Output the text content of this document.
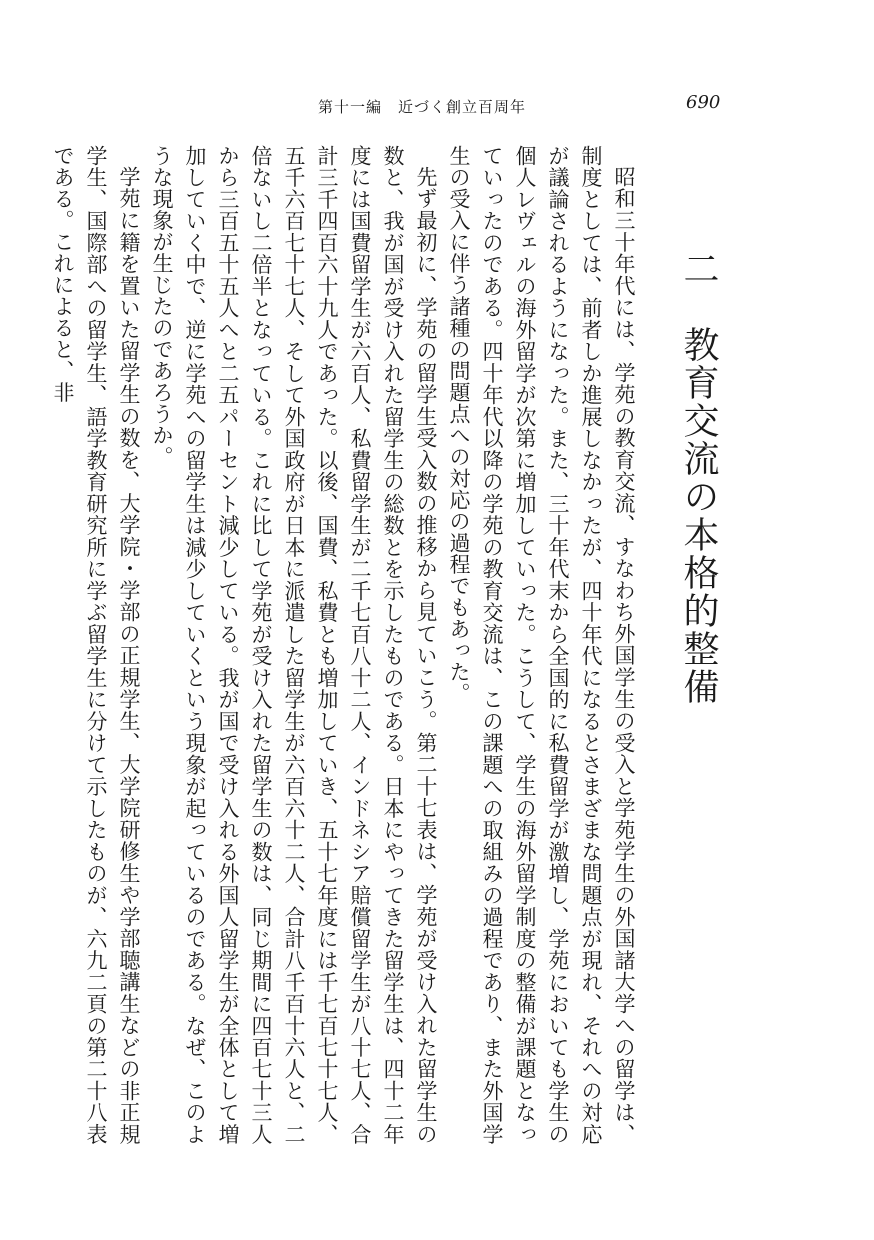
第十一編　近づく創立百周年	690
二　教育交流の本格的整備

昭和三十年代には、学苑の教育交流、すなわち外国学生の受入と学苑学生の外国諸大学への留学は、制度としては、前者しか進展しなかったが、四十年代になるとさまざまな問題点が現れ、それへの対応が議論されるようになった。また、三十年代末から全国的に私費留学が激増し、学苑においても学生の個人レヴェルの海外留学が次第に増加していった。こうして、学生の海外留学制度の整備が課題となっていったのである。四十年代以降の学苑の教育交流は、この課題への取組みの過程であり、また外国学生の受入に伴う諸種の問題点への対応の過程でもあった。

先ず最初に、学苑の留学生受入数の推移から見ていこう。第二十七表は、学苑が受け入れた留学生の数と、我が国が受け入れた留学生の総数とを示したものである。日本にやってきた留学生は、四十二年度には国費留学生が六百人、私費留学生が二千七百八十二人、インドネシア賠償留学生が八十七人、合計三千四百六十九人であった。以後、国費、私費とも増加していき、五十七年度には千七百七十七人、五千六百七十七人、そして外国政府が日本に派遣した留学生が六百六十二人、合計八千百十六人と、二倍ないし二倍半となっている。これに比して学苑が受け入れた留学生の数は、同じ期間に四百七十三人から三百五十五人へと二五パーセント減少している。我が国で受け入れる外国人留学生が全体として増加していく中で、逆に学苑への留学生は減少していくという現象が起っているのである。なぜ、このような現象が生じたのであろうか。

学苑に籍を置いた留学生の数を、大学院・学部の正規学生、大学院研修生や学部聴講生などの非正規学生、国際部への留学生、語学教育研究所に学ぶ留学生に分けて示したものが、六九二頁の第二十八表である。これによると、非
